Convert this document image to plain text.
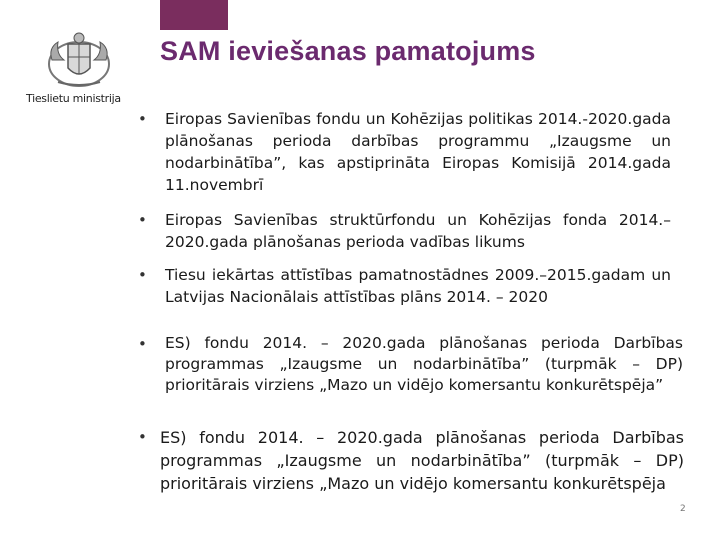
Tieslietu ministrija
SAM ieviešanas pamatojums
• Eiropas Savienības fondu un Kohēzijas politikas 2014.-2020.gada plānošanas perioda darbības programmu „Izaugsme un nodarbinātība”, kas apstiprināta Eiropas Komisijā 2014.gada 11.novembrī
• Eiropas Savienības struktūrfondu un Kohēzijas fonda 2014.–2020.gada plānošanas perioda vadības likums
• Tiesu iekārtas attīstības pamatnostādnes 2009.–2015.gadam un Latvijas Nacionālais attīstības plāns 2014. – 2020
• ES) fondu 2014. – 2020.gada plānošanas perioda Darbības programmas „Izaugsme un nodarbinātība” (turpmāk – DP) prioritārais virziens „Mazo un vidējo komersantu konkurētspēja”
• ES) fondu 2014. – 2020.gada plānošanas perioda Darbības programmas „Izaugsme un nodarbinātība” (turpmāk – DP) prioritārais virziens „Mazo un vidējo komersantu konkurētspēja
2
